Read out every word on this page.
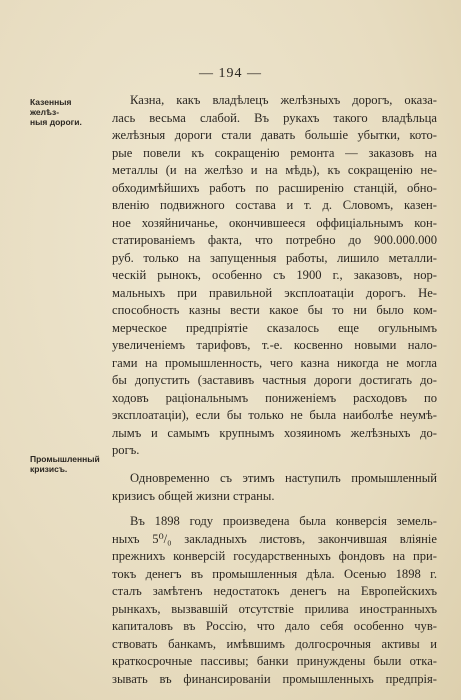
— 194 —
Казенныя желѣз-
ныя дороги.
Промышленный
кризисъ.
Казна, какъ владѣлецъ желѣзныхъ дорогъ, оказа-
лась весьма слабой. Въ рукахъ такого владѣльца
желѣзныя дороги стали давать большіе убытки, кото-
рые повели къ сокращенію ремонта — заказовъ на
металлы (и на желѣзо и на мѣдь), къ сокращенію не-
обходимѣйшихъ работъ по расширенію станцій, обно-
вленію подвижного состава и т. д. Словомъ, казен-
ное хозяйничанье, окончившееся оффиціальнымъ кон-
статированіемъ факта, что потребно до 900.000.000
руб. только на запущенныя работы, лишило металли-
ческій рынокъ, особенно съ 1900 г., заказовъ, нор-
мальныхъ при правильной эксплоатаціи дорогъ. Не-
способность казны вести какое бы то ни было ком-
мерческое предпріятіе сказалось еще огульнымъ
увеличеніемъ тарифовъ, т.-е. косвенно новыми нало-
гами на промышленность, чего казна никогда не могла
бы допустить (заставивъ частныя дороги достигать до-
ходовъ раціональнымъ пониженіемъ расходовъ по
эксплоатаціи), если бы только не была наиболѣе неумѣ-
лымъ и самымъ крупнымъ хозяиномъ желѣзныхъ до-
рогъ.
Одновременно съ этимъ наступилъ промышленный
кризисъ общей жизни страны.
Въ 1898 году произведена была конверсія земель-
ныхъ 5⁰/₀ закладныхъ листовъ, закончившая вліяніе
прежнихъ конверсій государственныхъ фондовъ на при-
токъ денегъ въ промышленныя дѣла. Осенью 1898 г.
сталъ замѣтенъ недостатокъ денегъ на Европейскихъ
рынкахъ, вызвавшій отсутствіе прилива иностранныхъ
капиталовъ въ Россію, что дало себя особенно чув-
ствовать банкамъ, имѣвшимъ долгосрочныя активы и
краткосрочные пассивы; банки принуждены были отка-
зывать въ финансированіи промышленныхъ предпрія-
